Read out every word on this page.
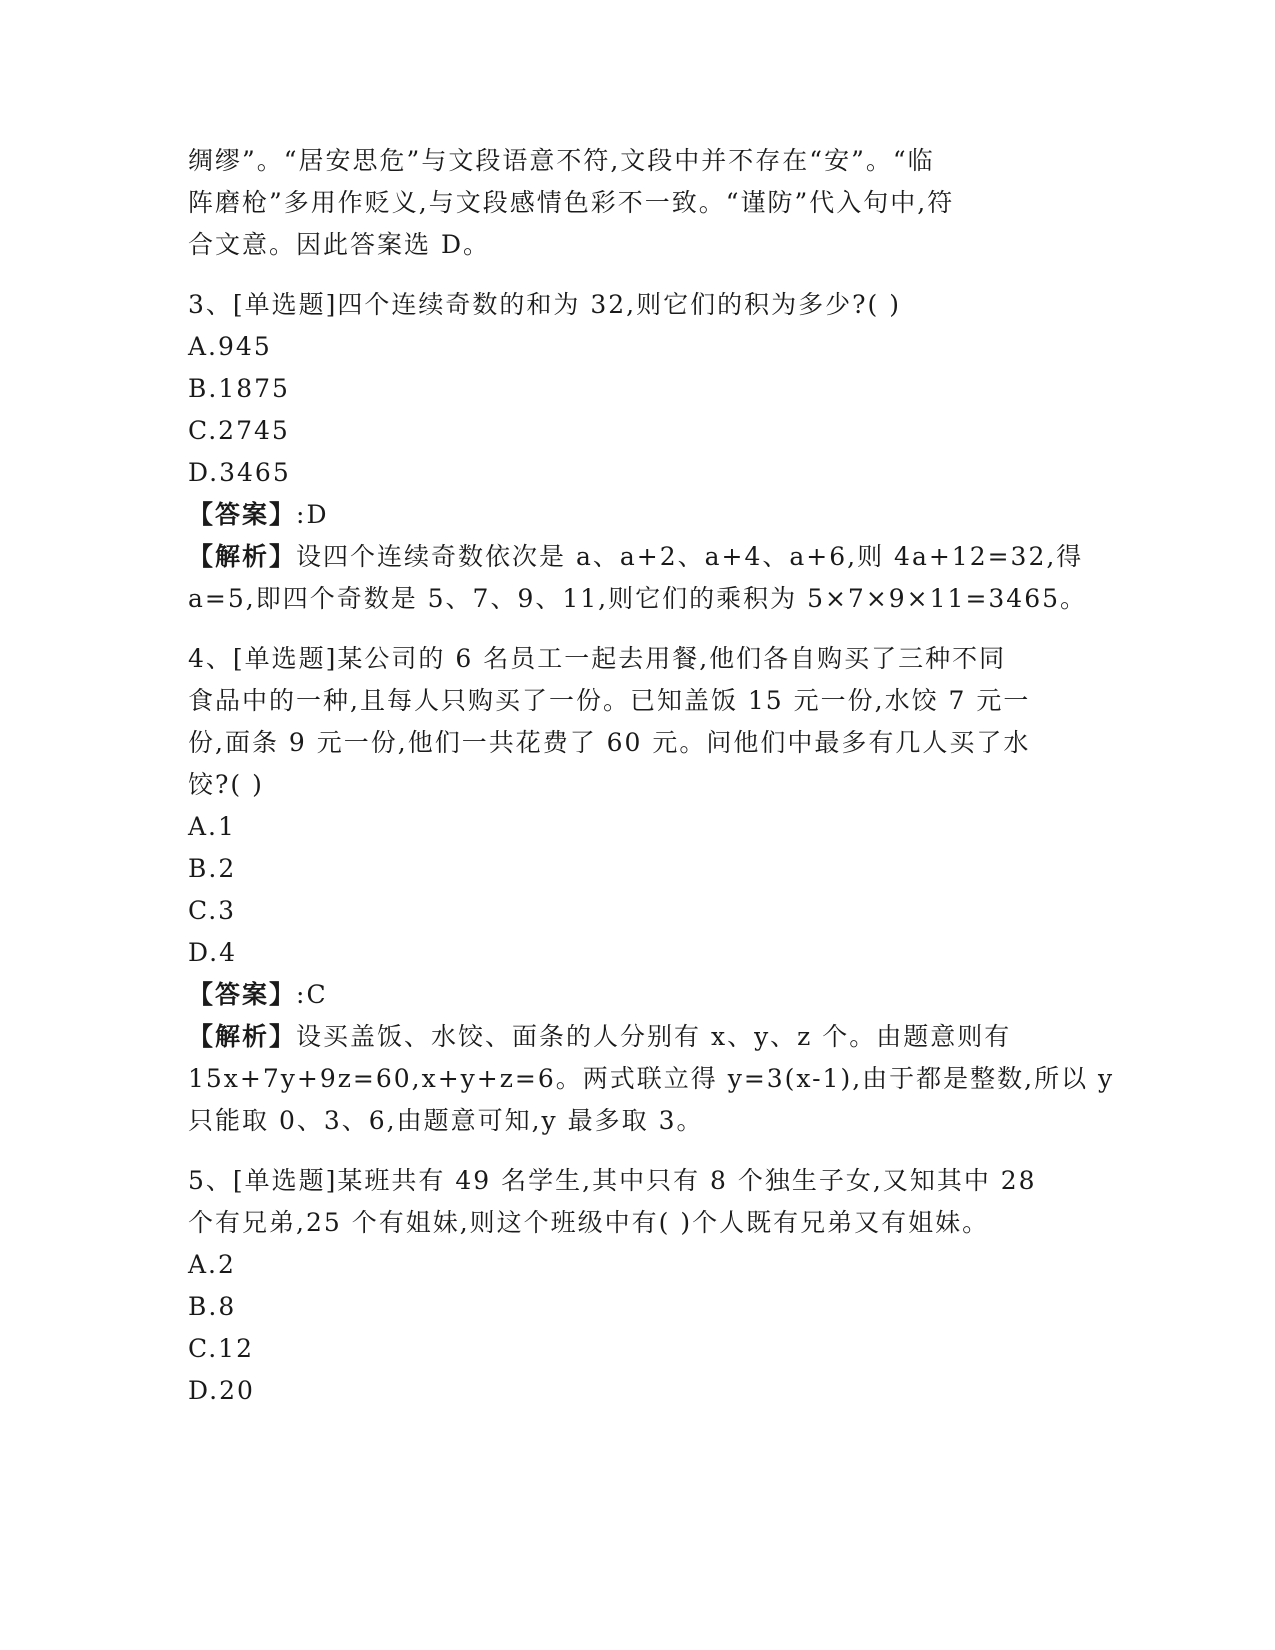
绸缪”。“居安思危”与文段语意不符,文段中并不存在“安”。“临
阵磨枪”多用作贬义,与文段感情色彩不一致。“谨防”代入句中,符
合文意。因此答案选 D。
3、[单选题]四个连续奇数的和为 32,则它们的积为多少?( )
A.945
B.1875
C.2745
D.3465
【答案】:D
【解析】设四个连续奇数依次是 a、a+2、a+4、a+6,则 4a+12=32,得
a=5,即四个奇数是 5、7、9、11,则它们的乘积为 5×7×9×11=3465。
4、[单选题]某公司的 6 名员工一起去用餐,他们各自购买了三种不同
食品中的一种,且每人只购买了一份。已知盖饭 15 元一份,水饺 7 元一
份,面条 9 元一份,他们一共花费了 60 元。问他们中最多有几人买了水
饺?( )
A.1
B.2
C.3
D.4
【答案】:C
【解析】设买盖饭、水饺、面条的人分别有 x、y、z 个。由题意则有
15x+7y+9z=60,x+y+z=6。两式联立得 y=3(x-1),由于都是整数,所以 y
只能取 0、3、6,由题意可知,y 最多取 3。
5、[单选题]某班共有 49 名学生,其中只有 8 个独生子女,又知其中 28
个有兄弟,25 个有姐妹,则这个班级中有( )个人既有兄弟又有姐妹。
A.2
B.8
C.12
D.20
